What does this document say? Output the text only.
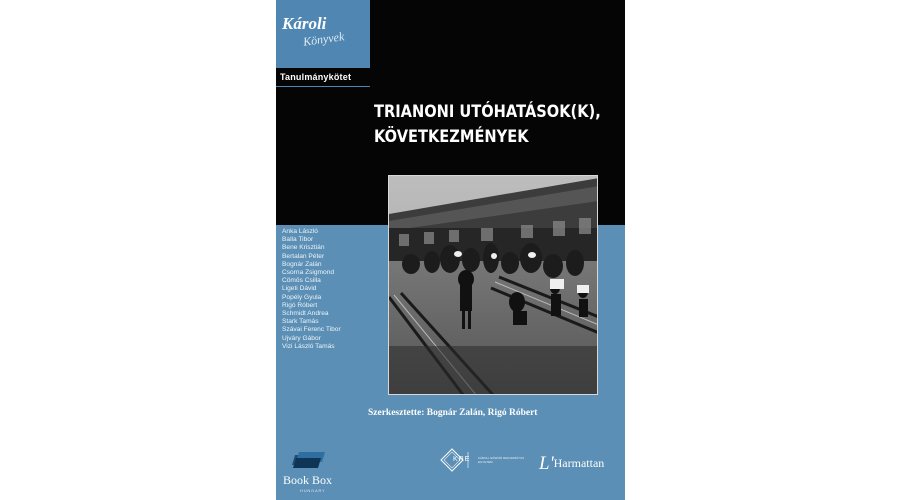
Károli
Könyvek
Tanulmánykötet
TRIANONI UTÓHATÁSOK(K),
KÖVETKEZMÉNYEK
Anka László
Balla Tibor
Bene Krisztián
Bertalan Péter
Bognár Zalán
Csorna Zsigmond
Cömös Csilla
Ligeti Dávid
Popély Gyula
Rigó Róbert
Schmidt Andrea
Stark Tamás
Szávai Ferenc Tibor
Ujváry Gábor
Vizi László Tamás
Szerkesztette: Bognár Zalán, Rigó Róbert
KRE	KÁROLI GÁSPÁR REFORMÁTUS EGYETEM	L'Harmattan
Book Box
HUNGARY
